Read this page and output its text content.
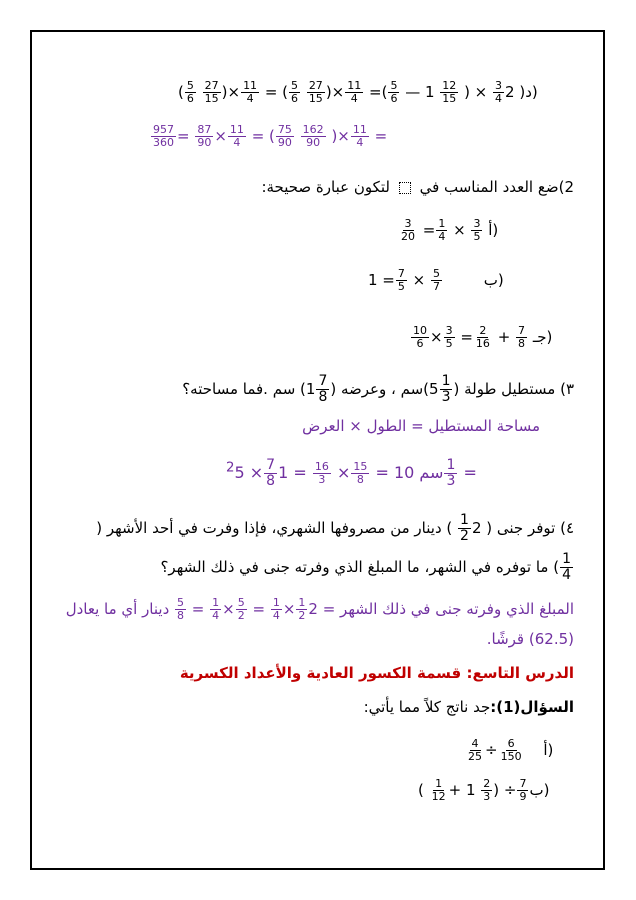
( $\frac{5}{6}$
$\frac{27}{15}$ )× $\frac{11}{4}$ = ( $\frac{5}{6}$
$\frac{27}{15}$ )× $\frac{11}{4}$ =( $\frac{5}{6}$ — $1 \frac{12}{15}$ ) × $\frac{3}{4} 2$ )د)
$\frac{957}{360} = \frac{87}{90} \times \frac{11}{4}$ = ( $\frac{75}{90}$
$\frac{162}{90}$ )× $\frac{11}{4}$ =
2)ضع العدد المناسب في  لتكون عبارة صحيحة:
$\frac{3}{20} = \frac{1}{4} \times \frac{3}{5}$ أ)
$1 = \frac{7}{5} \times \frac{5}{7}$	ب)
$\frac{10}{6} \times \frac{3}{5} = \frac{2}{16} + \frac{7}{8}$ جـ)
٣) مستطيل طولة (
$\frac{1}{3}$
5)سم ، وعرضه (
$\frac{7}{8}$
1) سم .فما مساحته؟
مساحة المستطيل = الطول × العرض
$^2$	سم 10 =
$\frac{15}{8}$
×
$\frac{16}{3}$
= 1
$\frac{7}{8}$
× 5	$\frac{1}{3}$ =
٤) توفر جنى ( 2
$\frac{1}{2}$
) دينار من مصروفها الشهري، فإذا وفرت في أحد الأشهر (
$\frac{1}{4}$
) ما توفره في الشهر، ما المبلغ الذي وفرته جنى في ذلك الشهر؟
المبلغ الذي وفرته جنى في ذلك الشهر = 2
$\frac{1}{2}$
×
$\frac{1}{4}$
=
$\frac{5}{2}$
×
$\frac{1}{4}$
=
$\frac{5}{8}$
دينار أي ما يعادل
(62.5) قرشًا.
الدرس التاسع: قسمة الكسور العادية والأعداد الكسرية
السؤال(1):جد ناتج كلاً مما يأتي:
$\frac{4}{25} \div \frac{6}{150}$ أ)
( $\frac{1}{12} + 1 \frac{2}{3}$ ) ÷ $\frac{7}{9}$ ب)
